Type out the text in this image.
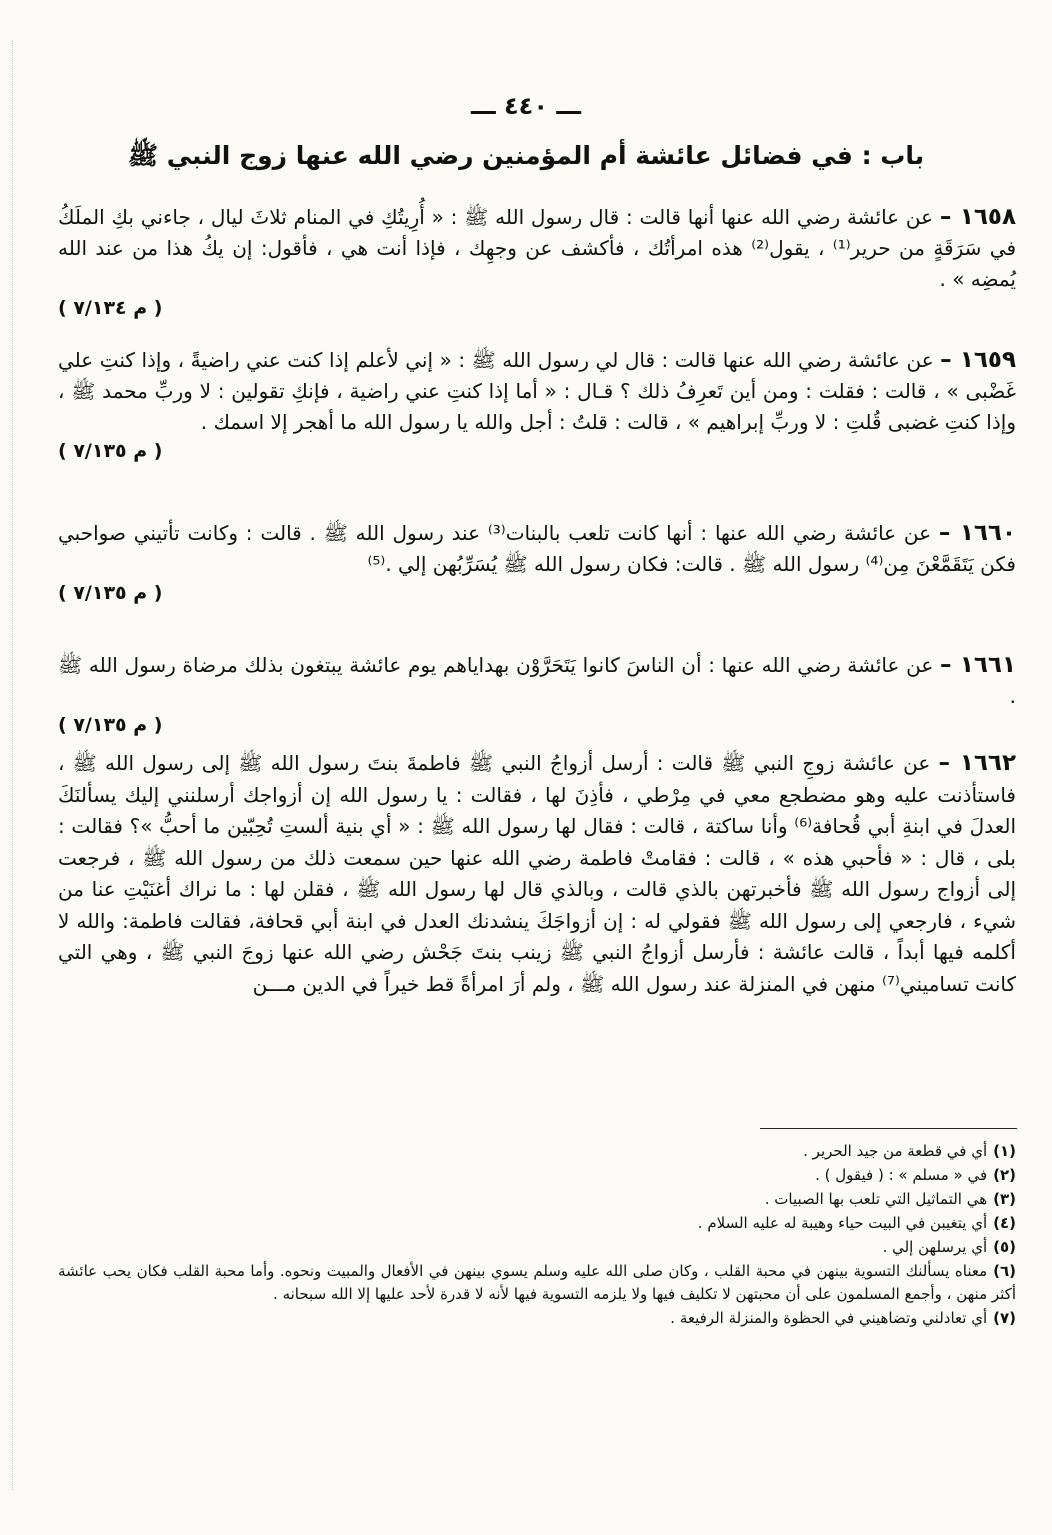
ـــ ٤٤٠ ـــ
باب : في فضائل عائشة أم المؤمنين رضي الله عنها زوج النبي ﷺ

١٦٥٨ – عن عائشة رضي الله عنها أنها قالت : قال رسول الله ﷺ : « أُرِيتُكِ في المنام ثلاثَ ليال ، جاءني بكِ الملَكُ في سَرَقَةٍ من حرير⁽¹⁾ ، يقول⁽²⁾ هذه امرأتُك ، فأكشف عن وجهِك ، فإذا أنت هي ، فأقول: إن يكُ هذا من عند الله يُمضِه » .

( م ٧/١٣٤ )

١٦٥٩ – عن عائشة رضي الله عنها قالت : قال لي رسول الله ﷺ : « إني لأعلم إذا كنت عني راضيةً ، وإذا كنتِ علي غَضْبى » ، قالت : فقلت : ومن أين تَعرِفُ ذلك ؟ قـال : « أما إذا كنتِ عني راضية ، فإنكِ تقولين : لا وربِّ محمد ﷺ ، وإذا كنتِ غضبى قُلتِ : لا وربِّ إبراهيم » ، قالت : قلتُ : أجل والله يا رسول الله ما أهجر إلا اسمك .

( م ٧/١٣٥ )

١٦٦٠ – عن عائشة رضي الله عنها : أنها كانت تلعب بالبنات⁽³⁾ عند رسول الله ﷺ . قالت : وكانت تأتيني صواحبي فكن يَتَقَمَّعْنَ مِن⁽⁴⁾ رسول الله ﷺ . قالت: فكان رسول الله ﷺ يُسَرِّبُهن إلي .⁽⁵⁾

( م ٧/١٣٥ )

١٦٦١ – عن عائشة رضي الله عنها : أن الناسَ كانوا يَتَحَرَّوْن بهداياهم يوم عائشة يبتغون بذلك مرضاة رسول الله ﷺ .

( م ٧/١٣٥ )

١٦٦٢ – عن عائشة زوجِ النبي ﷺ قالت : أرسل أزواجُ النبي ﷺ فاطمةَ بنتَ رسول الله ﷺ إلى رسول الله ﷺ ، فاستأذنت عليه وهو مضطجع معي في مِرْطي ، فأذِنَ لها ، فقالت : يا رسول الله إن أزواجك أرسلنني إليك يسألنَكَ العدلَ في ابنةِ أبي قُحافة⁽⁶⁾ وأنا ساكتة ، قالت : فقال لها رسول الله ﷺ : « أي بنية ألستِ تُحِبّين ما أحبُّ »؟ فقالت : بلى ، قال : « فأحبي هذه » ، قالت : فقامتْ فاطمة رضي الله عنها حين سمعت ذلك من رسول الله ﷺ ، فرجعت إلى أزواج رسول الله ﷺ فأخبرتهن بالذي قالت ، وبالذي قال لها رسول الله ﷺ ، فقلن لها : ما نراك أغنَيْتِ عنا من شيء ، فارجعي إلى رسول الله ﷺ فقولي له : إن أزواجَكَ ينشدنك العدل في ابنة أبي قحافة، فقالت فاطمة: والله لا أكلمه فيها أبداً ، قالت عائشة : فأرسل أزواجُ النبي ﷺ زينب بنتَ جَحْش رضي الله عنها زوجَ النبي ﷺ ، وهي التي كانت تساميني⁽⁷⁾ منهن في المنزلة عند رسول الله ﷺ ، ولم أرَ امرأةً قط خيراً في الدين مـــن

(١)أي في قطعة من جيد الحرير .

(٢)في « مسلم » : ( فيقول ) .

(٣)هي التماثيل التي تلعب بها الصبيات .

(٤)أي يتغيبن في البيت حياء وهيبة له عليه السلام .

(٥)أي يرسلهن إلي .

(٦)معناه يسألنك التسوية بينهن في محبة القلب ، وكان صلى الله عليه وسلم يسوي بينهن في الأفعال والمبيت ونحوه. وأما محبة القلب فكان يحب عائشة أكثر منهن ، وأجمع المسلمون على أن محبتهن لا تكليف فيها ولا يلزمه التسوية فيها لأنه لا قدرة لأحد عليها إلا الله سبحانه .

(٧)أي تعادلني وتضاهيني في الحظوة والمنزلة الرفيعة .
